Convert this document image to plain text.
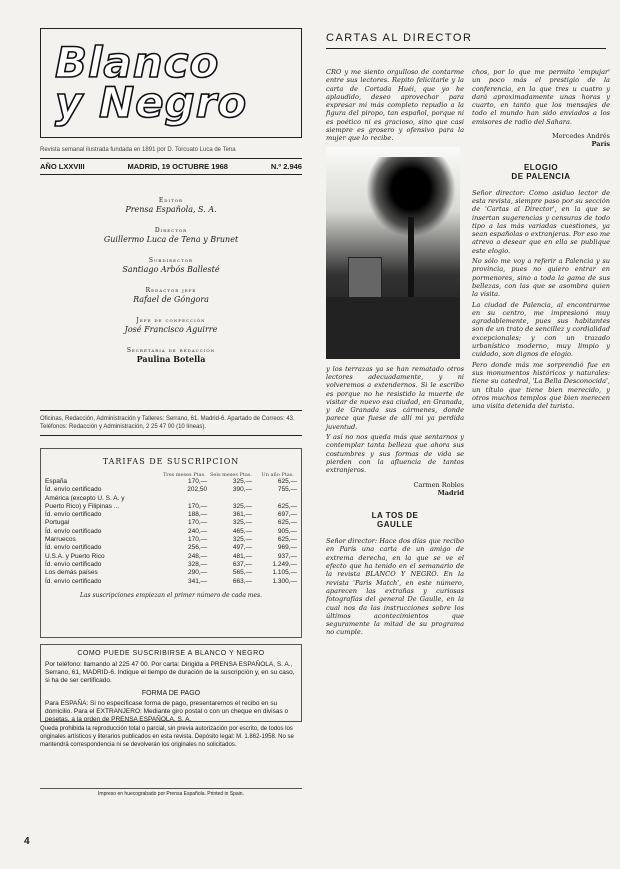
4
Blanco
y Negro
Revista semanal ilustrada fundada en 1891 por D. Torcuato Luca de Tena
AÑO LXXVIII	MADRID, 19 OCTUBRE 1968	N.º 2.946
Editor
Prensa Española, S. A.
Director
Guillermo Luca de Tena y Brunet
Subdirector
Santiago Arbós Ballesté
Redactor jefe
Rafael de Góngora
Jefe de confección
José Francisco Aguirre
Secretaria de redacción
Paulina Botella
Oficinas, Redacción, Administración y Talleres: Serrano, 61. Madrid-6. Apartado de Correos: 43. Teléfonos: Redacción y Administración, 2 25 47 00 (10 líneas).
TARIFAS DE SUSCRIPCION
Tres meses Ptas. Seis meses Ptas.	Un año Ptas.
España	170,—	325,—	625,—
Íd. envío certificado	202,50	390,—	755,—
América (excepto U. S. A. y
Puerto Rico) y Filipinas ...	170,—	325,—	625,—
Íd. envío certificado	188,—	361,—	697,—
Portugal	170,—	325,—	625,—
Íd. envío certificado	240,—	465,—	905,—
Marruecos	170,—	325,—	625,—
Íd. envío certificado	256,—	497,—	969,—
U.S.A. y Puerto Rico	248,—	481,—	937,—
Íd. envío certificado	328,—	637,—	1.249,—
Los demás países	290,—	565,—	1.105,—
Íd. envío certificado	341,—	663,—	1.300,—
Las suscripciones empiezan el primer número de cada mes.
COMO PUEDE SUSCRIBIRSE A BLANCO Y NEGRO

Por teléfono: llamando al 225 47 00. Por carta: Dirigida a PRENSA ESPAÑOLA, S. A., Serrano, 61, MADRID-6. Indique el tiempo de duración de la suscripción y, en su caso, si ha de ser certificado.

FORMA DE PAGO

Para ESPAÑA: Si no especificase forma de pago, presentaremos el recibo en su domicilio. Para el EXTRANJERO: Mediante giro postal o con un cheque en divisas o pesetas, a la orden de PRENSA ESPAÑOLA, S. A.

Queda prohibida la reproducción total o parcial, sin previa autorización por escrito, de todos los originales artísticos y literarios publicados en esta revista. Depósito legal: M. 1.862-1958. No se mantendrá correspondencia ni se devolverán los originales no solicitados.
Impreso en huecograbado por Prensa Española. Printed in Spain.
CARTAS AL DIRECTOR

CRO y me siento orgulloso de contarme entre sus lectores. Repito felicitarle y la carta de Cortada Huéi, que yo he aplaudido, deseo aprovechar para expresar mi más completo repudio a la figura del piropo, tan español, porque ni es poético ni es gracioso, sino que casi siempre es grosero y ofensivo para la mujer que lo recibe.

y los terrazas ya se han rematado otros lectores adecuadamente, y ni volveremos a extendernos. Si le escribo es porque no he resistido la muerte de visitar de nuevo esa ciudad, en Granada, y de Granada sus cármenes, donde parece que fuese de allí mi ya perdida juventud.

Y así no nos queda más que sentarnos y contemplar tanta belleza que ahora sus costumbres y sus formas de vida se pierden con la afluencia de tantos extranjeros.

Carmen Robles
Madrid
LA TOS DE
GAULLE

Señor director: Hace dos días que recibo en París una carta de un amigo de extrema derecha, en la que se ve el efecto que ha tenido en el semanario de la revista BLANCO Y NEGRO. En la revista 'Paris Match', en este número, aparecen las extrañas y curiosas fotografías del general De Gaulle, en la cual nos da las instrucciones sobre los últimos acontecimientos que seguramente la mitad de su programa no cumple.

chos, por lo que me permito 'empujar' un poco más el prestigio de la conferencia, en la que tres u cuatro y dará aproximadamente unas horas y cuarto, en tanto que los mensajes de todo el mundo han sido enviados a los emisores de radio del Sahara.

Mercedes Andrés
París
ELOGIO
DE PALENCIA

Señor director: Como asiduo lector de esta revista, siempre paso por su sección de 'Cartas al Director', en la que se insertan sugerencias y censuras de todo tipo a las más variadas cuestiones, ya sean españolas o extranjeras. Por eso me atrevo a desear que en ella se publique este elogio.

No sólo me voy a referir a Palencia y su provincia, pues no quiero entrar en pormenores, sino a toda la gama de sus bellezas, con las que se asombra quien la visita.

La ciudad de Palencia, al encontrarme en su centro, me impresionó muy agradablemente, pues sus habitantes son de un trato de sencillez y cordialidad excepcionales; y con un trazado urbanístico moderno, muy limpio y cuidado, son dignos de elogio.

Pero donde más me sorprendió fue en sus monumentos históricos y naturales: tiene su catedral, 'La Bella Desconocida', un título que tiene bien merecido, y otros muchos templos que bien merecen una visita detenida del turista.
